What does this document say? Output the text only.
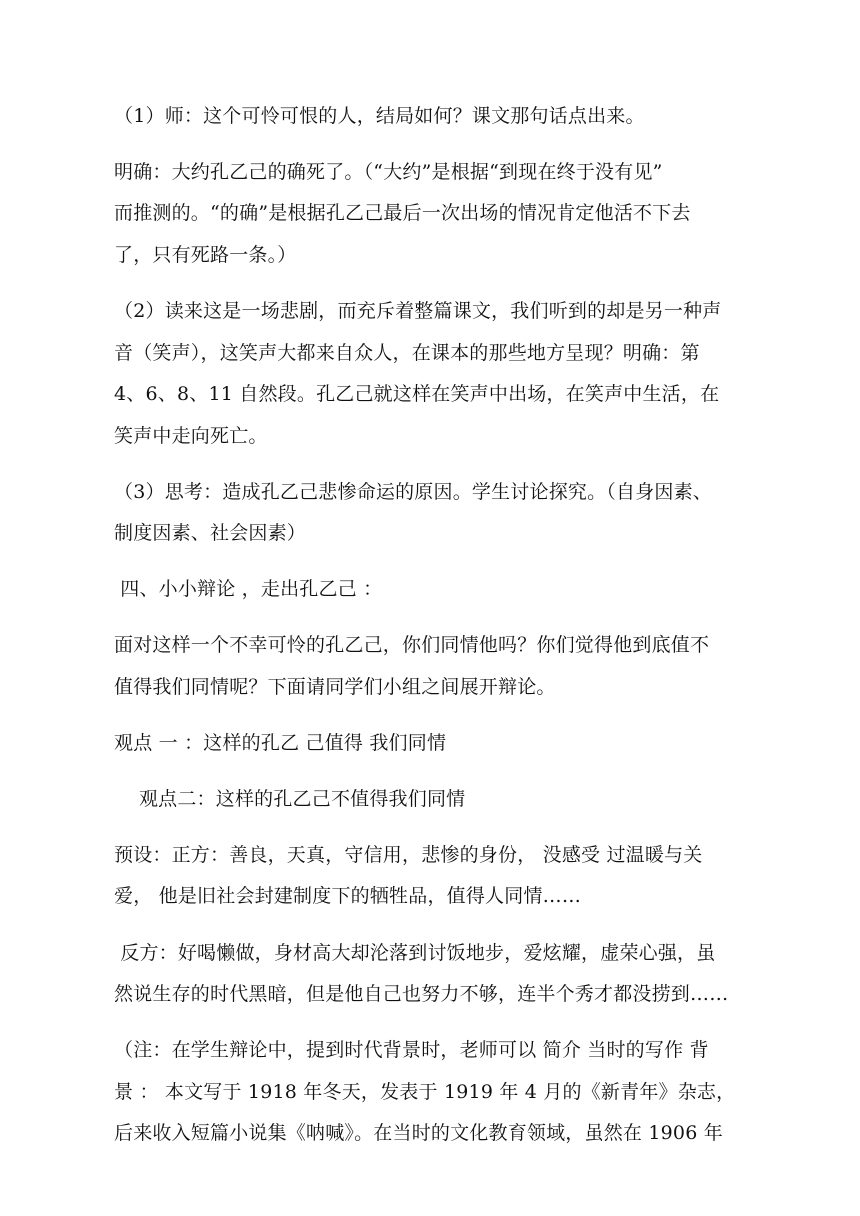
（1）师：这个可怜可恨的人，结局如何？课文那句话点出来。
明确：大约孔乙己的确死了。（“大约”是根据“到现在终于没有见”
而推测的。“的确”是根据孔乙己最后一次出场的情况肯定他活不下去
了，只有死路一条。）
（2）读来这是一场悲剧，而充斥着整篇课文，我们听到的却是另一种声
音（笑声），这笑声大都来自众人，在课本的那些地方呈现？明确：第
4、6、8、11 自然段。孔乙己就这样在笑声中出场，在笑声中生活，在
笑声中走向死亡。
（3）思考：造成孔乙己悲惨命运的原因。学生讨论探究。（自身因素、
制度因素、社会因素）
四、小小辩论 ，走出孔乙己 ：
面对这样一个不幸可怜的孔乙己，你们同情他吗？你们觉得他到底值不
值得我们同情呢？下面请同学们小组之间展开辩论。
观点 一 ：这样的孔乙 己值得 我们同情
观点二：这样的孔乙己不值得我们同情
预设：正方：善良，天真，守信用，悲惨的身份， 没感受 过温暖与关
爱， 他是旧社会封建制度下的牺牲品，值得人同情……
反方：好喝懒做，身材高大却沦落到讨饭地步，爱炫耀，虚荣心强，虽
然说生存的时代黑暗，但是他自己也努力不够，连半个秀才都没捞到……
（注：在学生辩论中，提到时代背景时，老师可以 简介 当时的写作 背
景 ： 本文写于 1918 年冬天，发表于 1919 年 4 月的《新青年》杂志，
后来收入短篇小说集《呐喊》。在当时的文化教育领域，虽然在 1906 年
